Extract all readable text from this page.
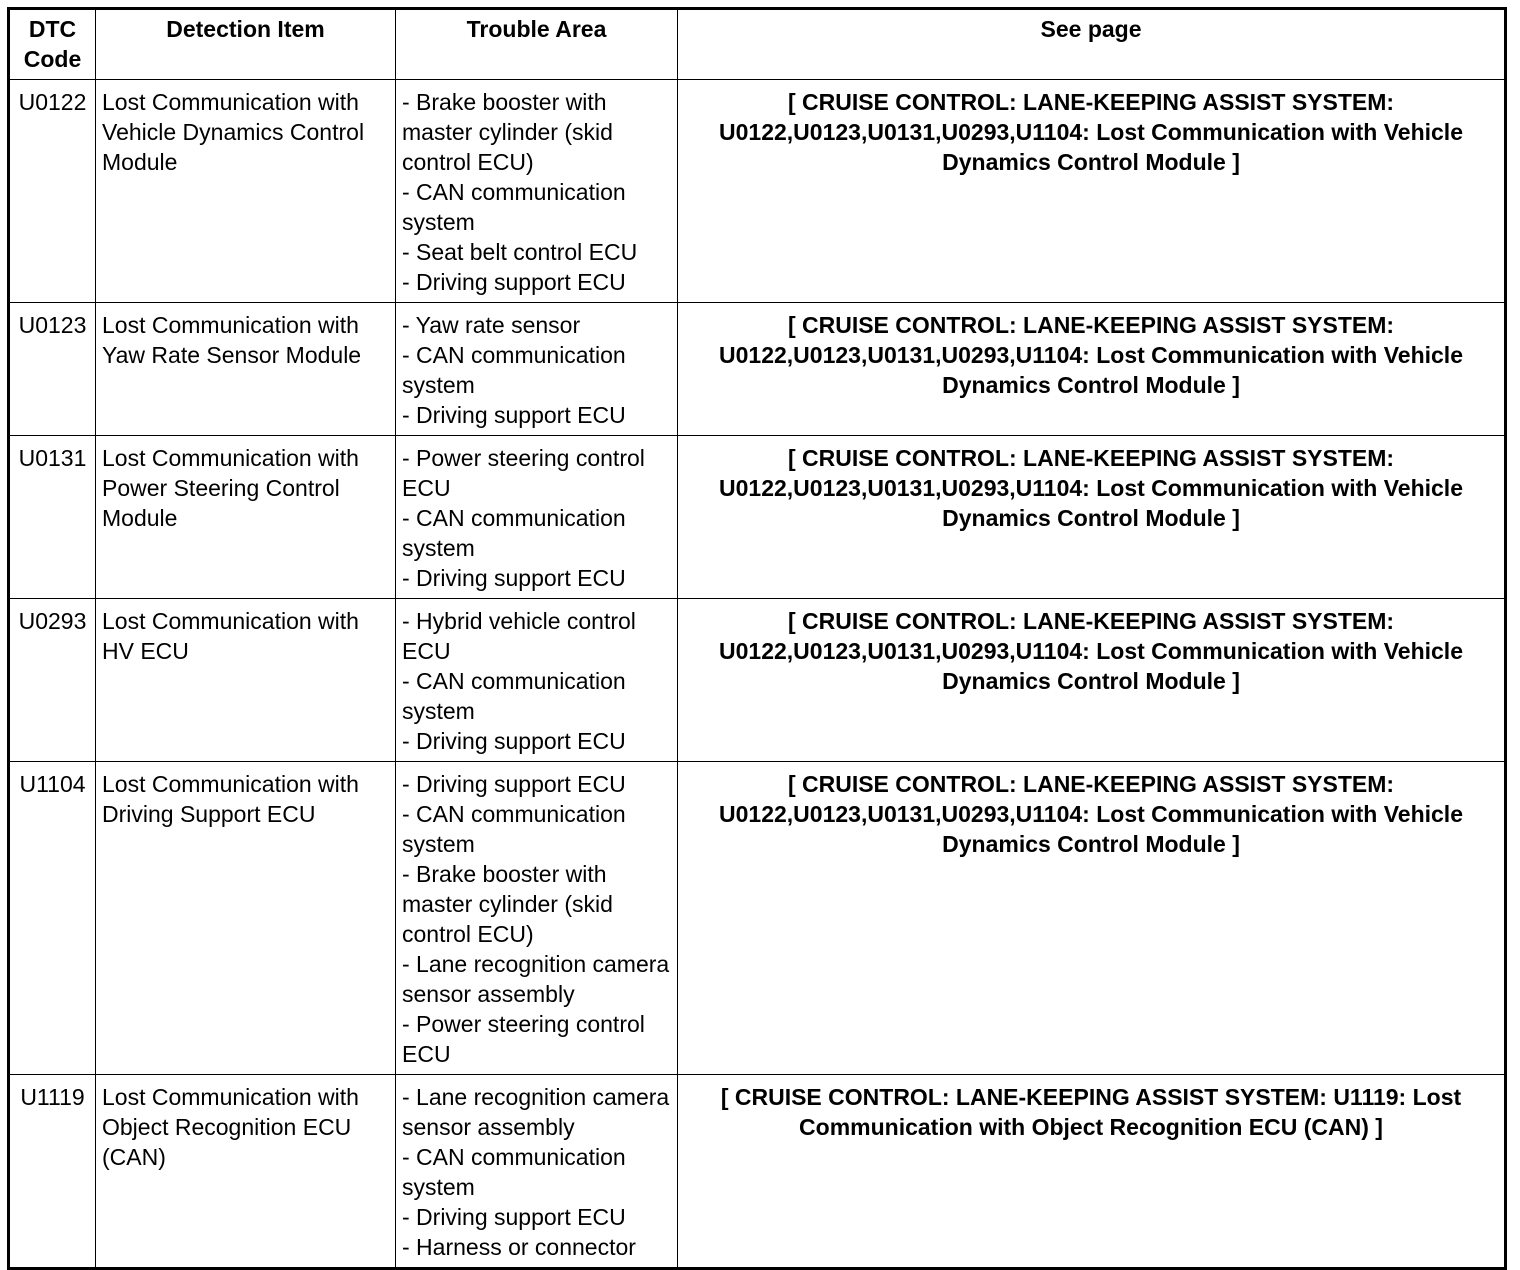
DTC Code	Detection Item	Trouble Area	See page
U0122	Lost Communication with Vehicle Dynamics Control Module	- Brake booster with master cylinder (skid control ECU)
- CAN communication system
- Seat belt control ECU
- Driving support ECU	[ CRUISE CONTROL: LANE-KEEPING ASSIST SYSTEM: U0122,U0123,U0131,U0293,U1104: Lost Communication with Vehicle Dynamics Control Module ]
U0123	Lost Communication with Yaw Rate Sensor Module	- Yaw rate sensor
- CAN communication system
- Driving support ECU	[ CRUISE CONTROL: LANE-KEEPING ASSIST SYSTEM: U0122,U0123,U0131,U0293,U1104: Lost Communication with Vehicle Dynamics Control Module ]
U0131	Lost Communication with Power Steering Control Module	- Power steering control ECU
- CAN communication system
- Driving support ECU	[ CRUISE CONTROL: LANE-KEEPING ASSIST SYSTEM: U0122,U0123,U0131,U0293,U1104: Lost Communication with Vehicle Dynamics Control Module ]
U0293	Lost Communication with HV ECU	- Hybrid vehicle control ECU
- CAN communication system
- Driving support ECU	[ CRUISE CONTROL: LANE-KEEPING ASSIST SYSTEM: U0122,U0123,U0131,U0293,U1104: Lost Communication with Vehicle Dynamics Control Module ]
U1104	Lost Communication with Driving Support ECU	- Driving support ECU
- CAN communication system
- Brake booster with master cylinder (skid control ECU)
- Lane recognition camera sensor assembly
- Power steering control ECU	[ CRUISE CONTROL: LANE-KEEPING ASSIST SYSTEM: U0122,U0123,U0131,U0293,U1104: Lost Communication with Vehicle Dynamics Control Module ]
U1119	Lost Communication with Object Recognition ECU (CAN)	- Lane recognition camera sensor assembly
- CAN communication system
- Driving support ECU
- Harness or connector	[ CRUISE CONTROL: LANE-KEEPING ASSIST SYSTEM: U1119: Lost Communication with Object Recognition ECU (CAN) ]
